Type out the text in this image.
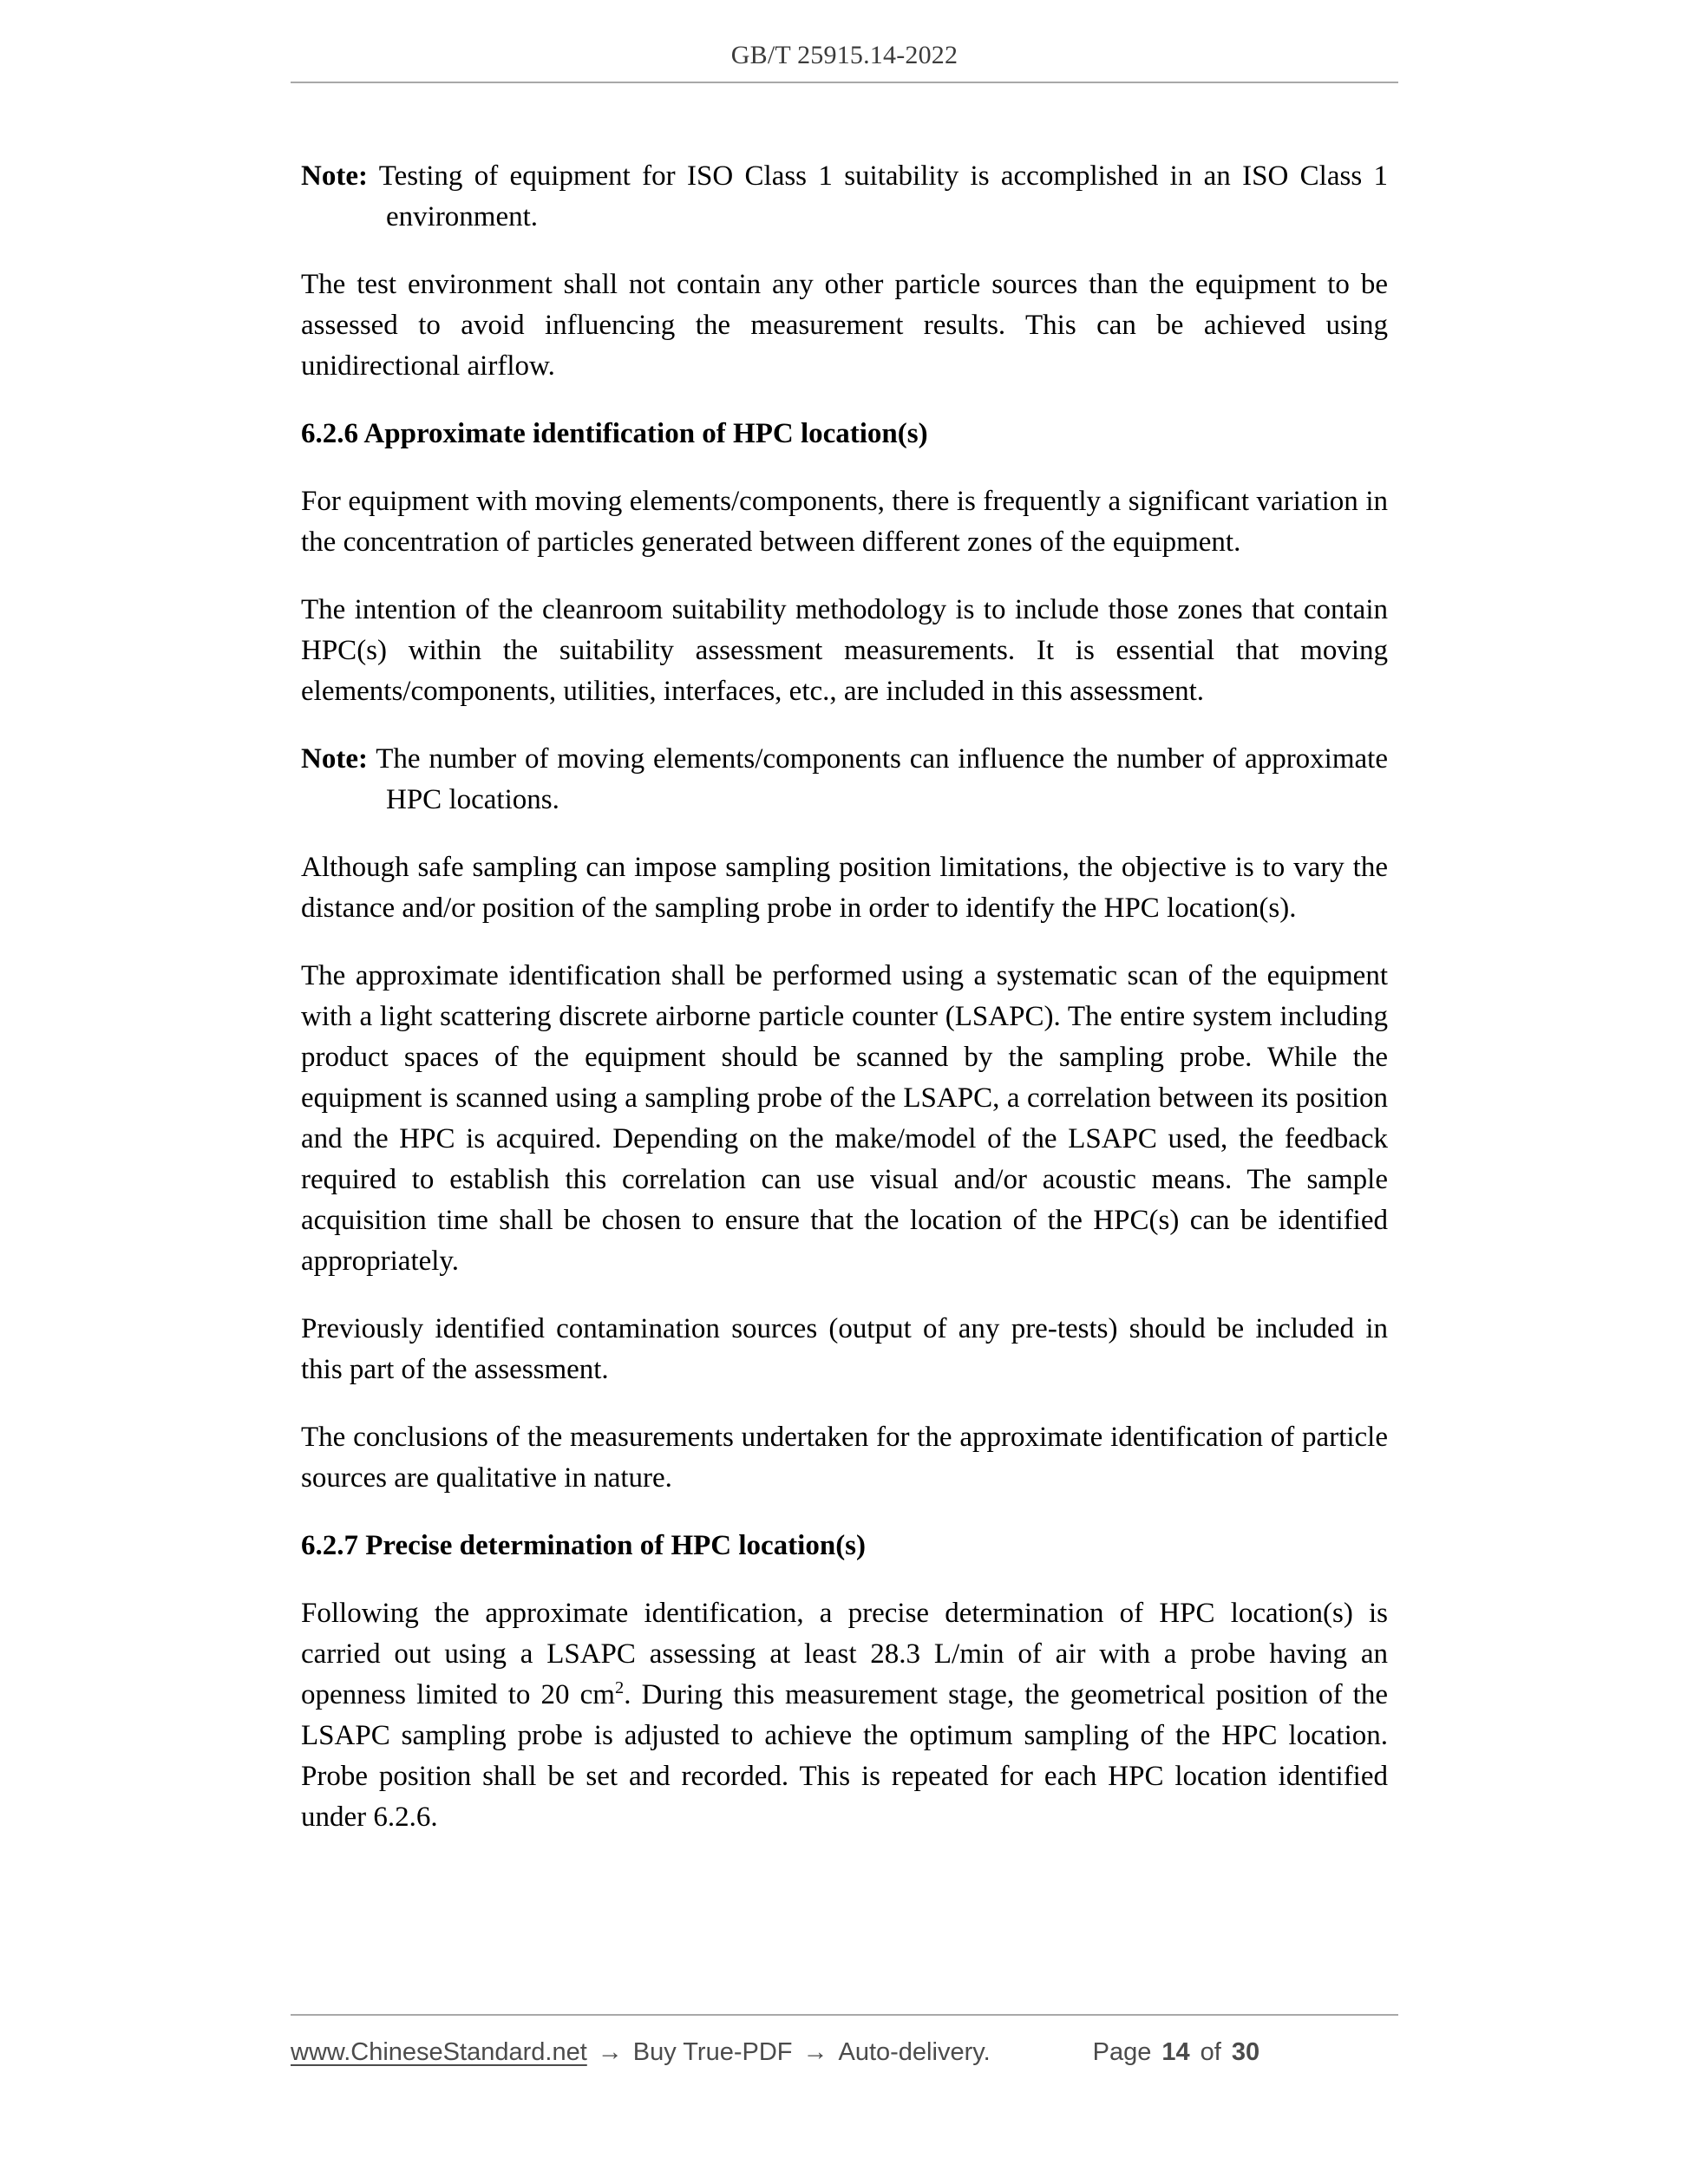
GB/T 25915.14-2022

Note: Testing of equipment for ISO Class 1 suitability is accomplished in an ISO Class 1 environment.

The test environment shall not contain any other particle sources than the equipment to be assessed to avoid influencing the measurement results. This can be achieved using unidirectional airflow.

6.2.6 Approximate identification of HPC location(s)

For equipment with moving elements/components, there is frequently a significant variation in the concentration of particles generated between different zones of the equipment.

The intention of the cleanroom suitability methodology is to include those zones that contain HPC(s) within the suitability assessment measurements. It is essential that moving elements/components, utilities, interfaces, etc., are included in this assessment.

Note: The number of moving elements/components can influence the number of approximate HPC locations.

Although safe sampling can impose sampling position limitations, the objective is to vary the distance and/or position of the sampling probe in order to identify the HPC location(s).

The approximate identification shall be performed using a systematic scan of the equipment with a light scattering discrete airborne particle counter (LSAPC). The entire system including product spaces of the equipment should be scanned by the sampling probe. While the equipment is scanned using a sampling probe of the LSAPC, a correlation between its position and the HPC is acquired. Depending on the make/model of the LSAPC used, the feedback required to establish this correlation can use visual and/or acoustic means. The sample acquisition time shall be chosen to ensure that the location of the HPC(s) can be identified appropriately.

Previously identified contamination sources (output of any pre-tests) should be included in this part of the assessment.

The conclusions of the measurements undertaken for the approximate identification of particle sources are qualitative in nature.

6.2.7 Precise determination of HPC location(s)

Following the approximate identification, a precise determination of HPC location(s) is carried out using a LSAPC assessing at least 28.3 L/min of air with a probe having an openness limited to 20 $cm^2$. During this measurement stage, the geometrical position of the LSAPC sampling probe is adjusted to achieve the optimum sampling of the HPC location. Probe position shall be set and recorded. This is repeated for each HPC location identified under 6.2.6.

www.ChineseStandard.net → Buy True-PDF → Auto-delivery.	Page 14 of 30
